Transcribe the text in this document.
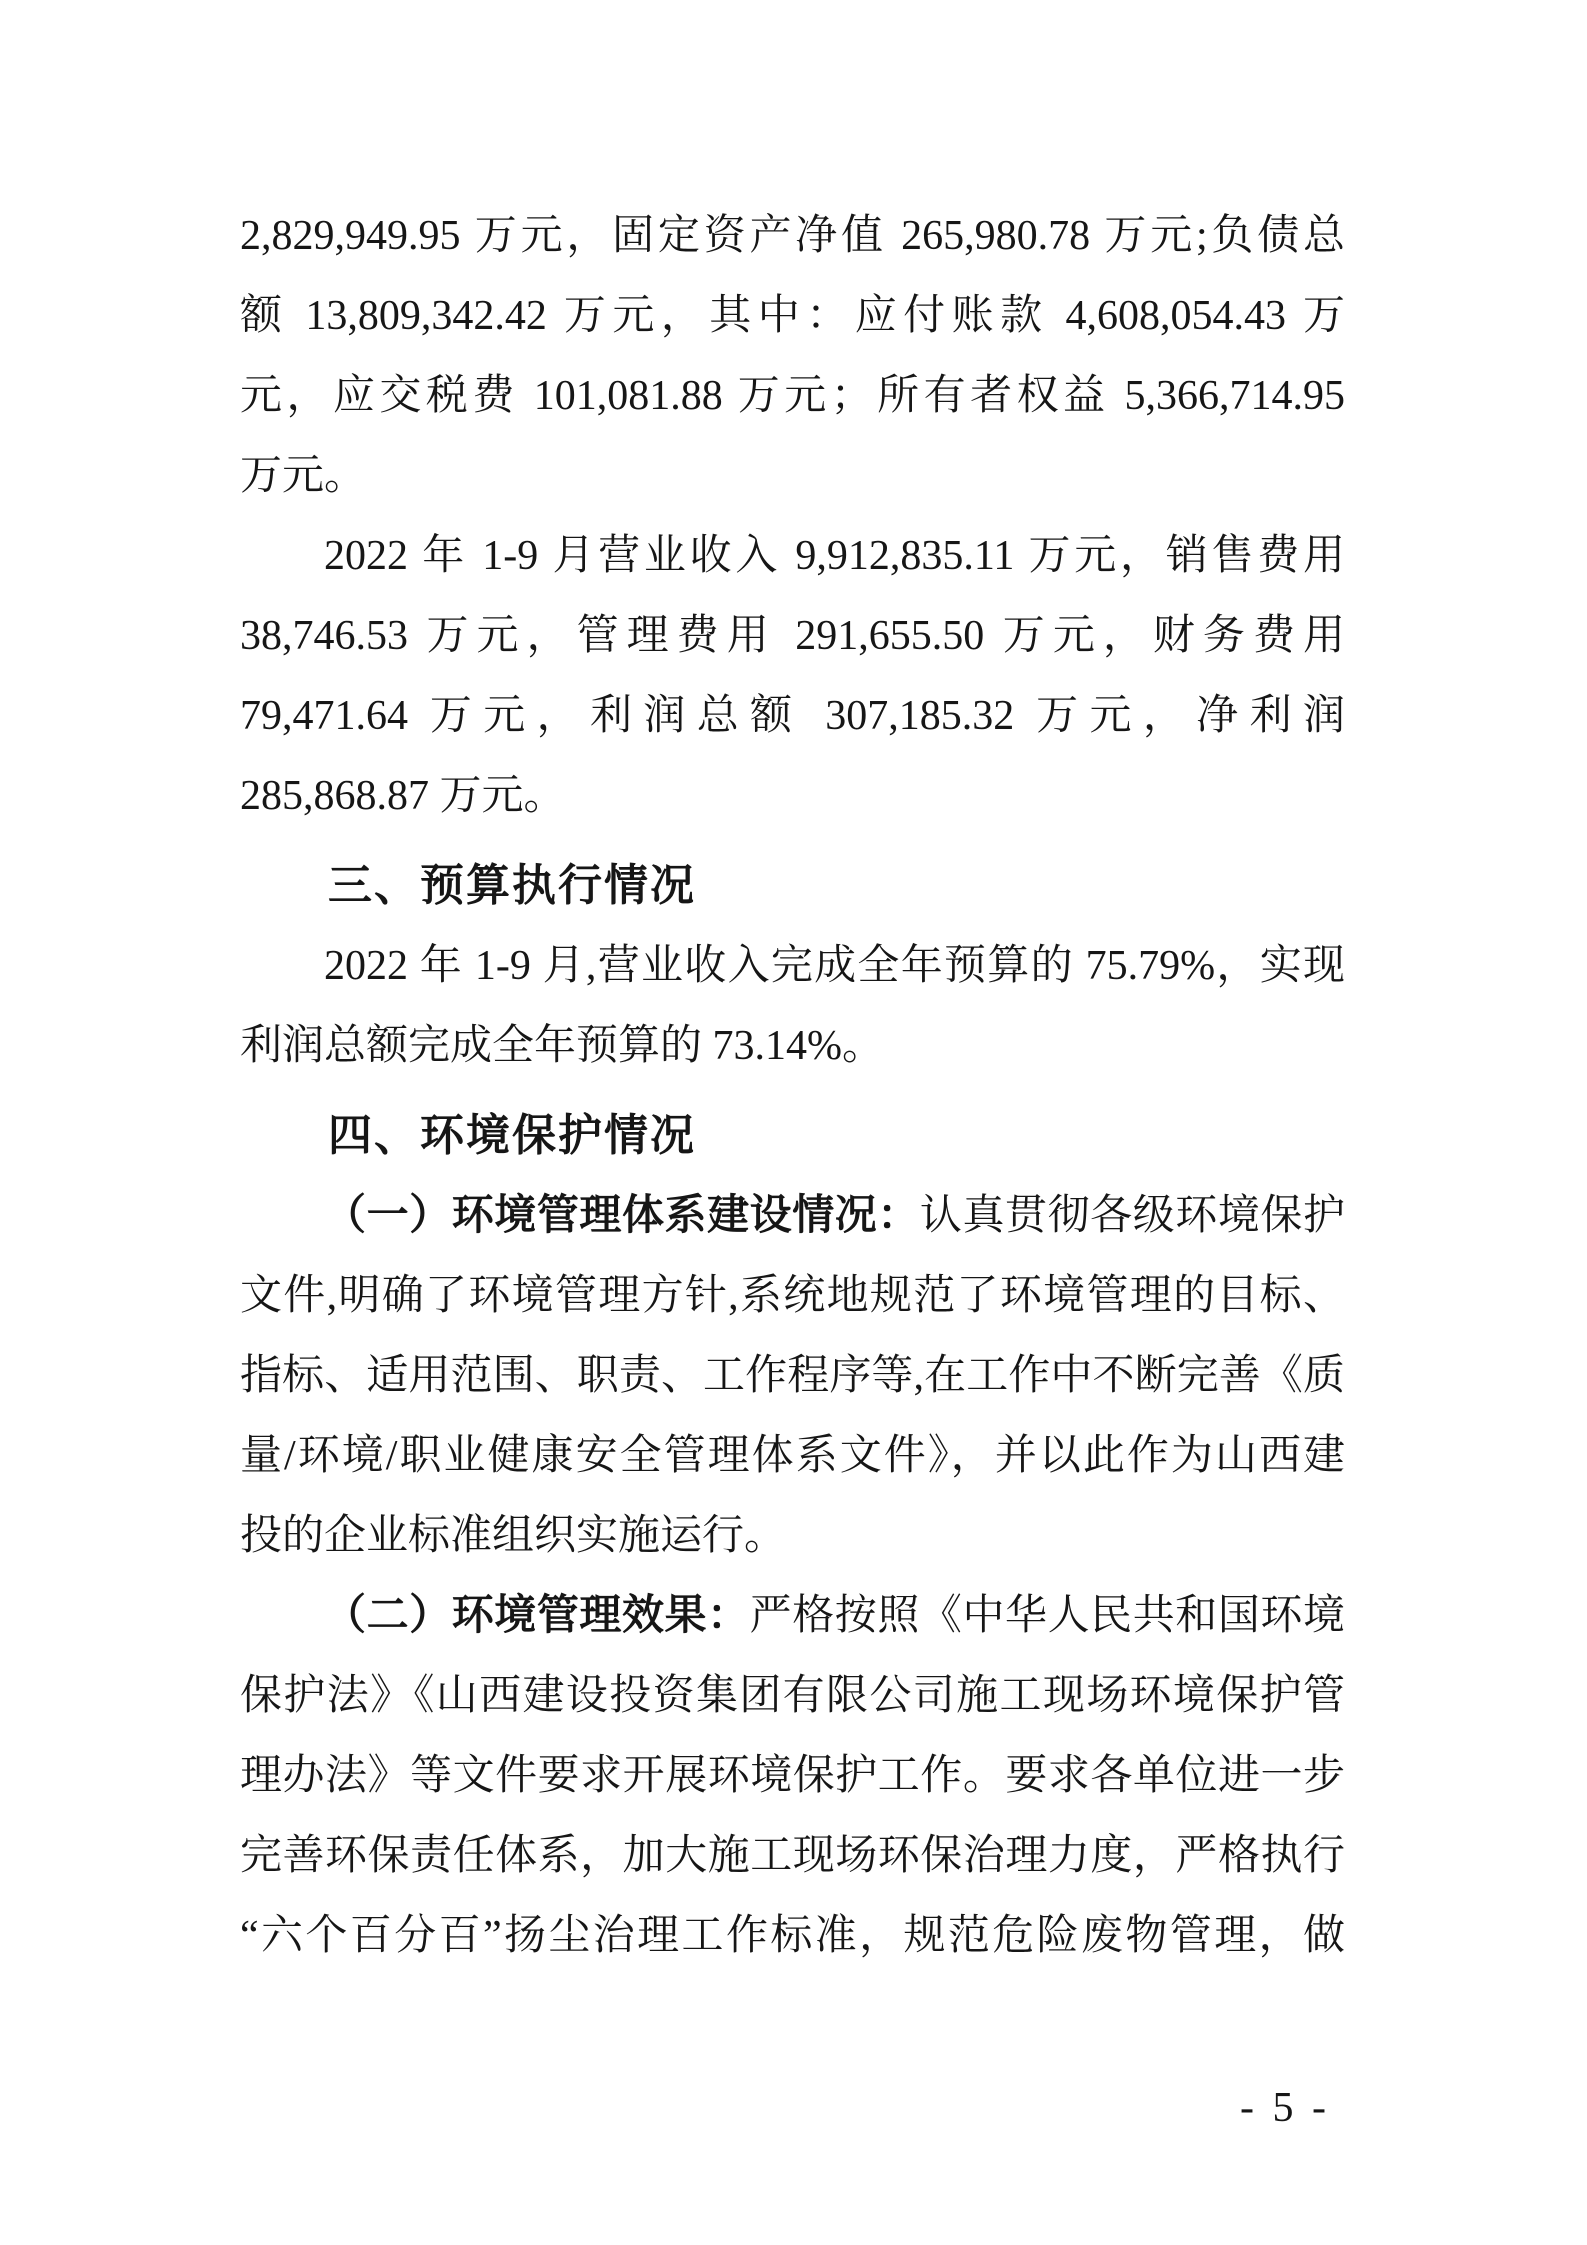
2,829,949.95 万元，固定资产净值 265,980.78 万元;负债总
额 13,809,342.42 万元，其中：应付账款 4,608,054.43 万
元，应交税费 101,081.88 万元；所有者权益 5,366,714.95
万元。
2022 年 1-9 月营业收入 9,912,835.11 万元，销售费用
38,746.53 万元，管理费用 291,655.50 万元，财务费用
79,471.64 万元，利润总额 307,185.32 万元，净利润
285,868.87 万元。
三、预算执行情况
2022 年 1-9 月,营业收入完成全年预算的 75.79%，实现
利润总额完成全年预算的 73.14%。
四、环境保护情况
（一）环境管理体系建设情况：认真贯彻各级环境保护
文件,明确了环境管理方针,系统地规范了环境管理的目标、
指标、适用范围、职责、工作程序等,在工作中不断完善《质
量/环境/职业健康安全管理体系文件》，并以此作为山西建
投的企业标准组织实施运行。
（二）环境管理效果：严格按照《中华人民共和国环境
保护法》《山西建设投资集团有限公司施工现场环境保护管
理办法》等文件要求开展环境保护工作。要求各单位进一步
完善环保责任体系，加大施工现场环保治理力度，严格执行
“六个百分百”扬尘治理工作标准，规范危险废物管理，做
- 5 -
